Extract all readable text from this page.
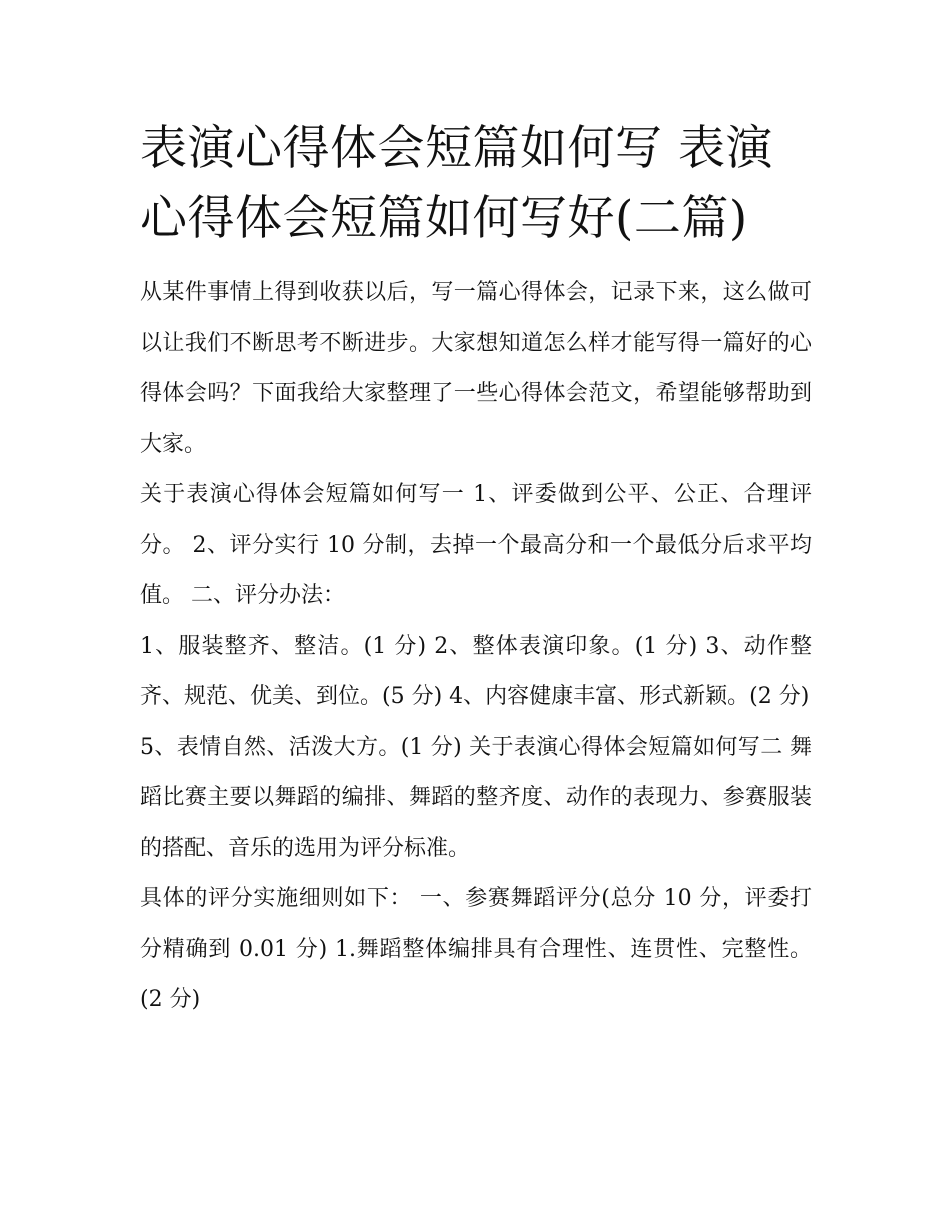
表演心得体会短篇如何写 表演心得体会短篇如何写好(二篇)

从某件事情上得到收获以后，写一篇心得体会，记录下来，这么做可以让我们不断思考不断进步。大家想知道怎么样才能写得一篇好的心得体会吗？下面我给大家整理了一些心得体会范文，希望能够帮助到大家。

关于表演心得体会短篇如何写一 1、评委做到公平、公正、合理评分。 2、评分实行 10 分制，去掉一个最高分和一个最低分后求平均值。 二、评分办法：

1、服装整齐、整洁。(1 分) 2、整体表演印象。(1 分) 3、动作整齐、规范、优美、到位。(5 分) 4、内容健康丰富、形式新颖。(2 分)

5、表情自然、活泼大方。(1 分) 关于表演心得体会短篇如何写二 舞蹈比赛主要以舞蹈的编排、舞蹈的整齐度、动作的表现力、参赛服装的搭配、音乐的选用为评分标准。

具体的评分实施细则如下： 一、参赛舞蹈评分(总分 10 分，评委打分精确到 0.01 分) 1.舞蹈整体编排具有合理性、连贯性、完整性。(2 分)
